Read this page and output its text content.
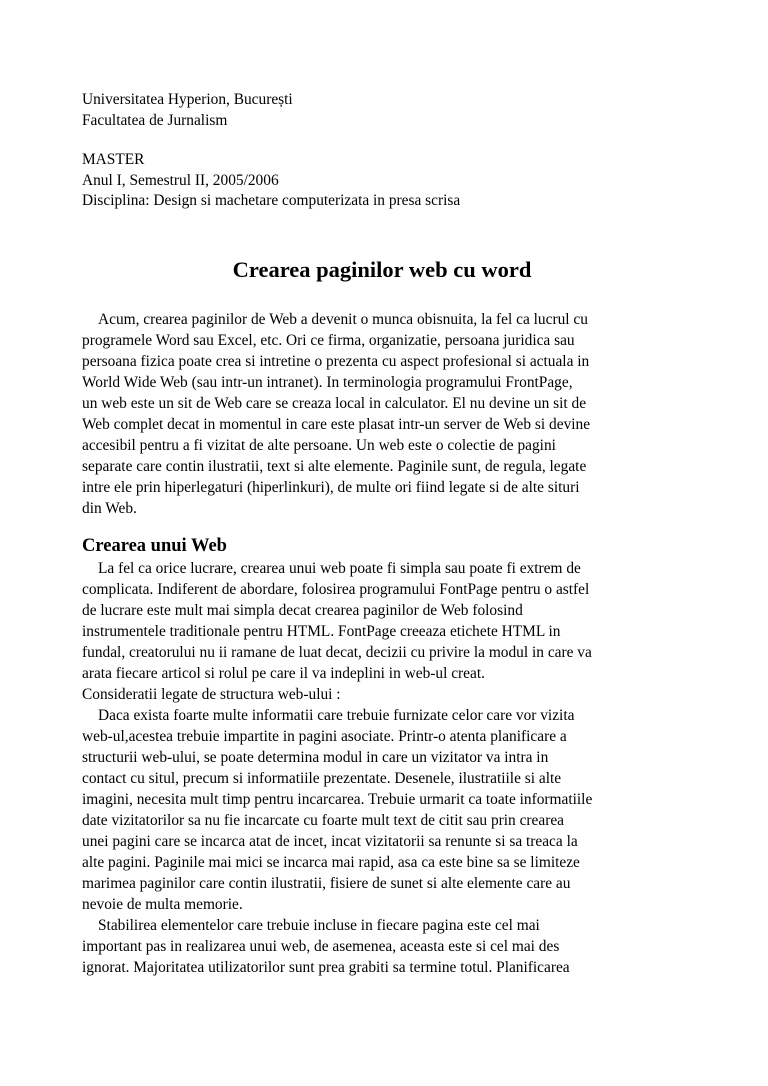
Universitatea Hyperion, București
Facultatea de Jurnalism
MASTER
Anul I, Semestrul II, 2005/2006
Disciplina: Design si machetare computerizata in presa scrisa
Crearea paginilor web cu word

Acum, crearea paginilor de Web a devenit o munca obisnuita, la fel ca lucrul cu
programele Word sau Excel, etc. Ori ce firma, organizatie, persoana juridica sau
persoana fizica poate crea si intretine o prezenta cu aspect profesional si actuala in
World Wide Web (sau intr-un intranet). In terminologia programului FrontPage,
un web este un sit de Web care se creaza local in calculator. El nu devine un sit de
Web complet decat in momentul in care este plasat intr-un server de Web si devine
accesibil pentru a fi vizitat de alte persoane. Un web este o colectie de pagini
separate care contin ilustratii, text si alte elemente. Paginile sunt, de regula, legate
intre ele prin hiperlegaturi (hiperlinkuri), de multe ori fiind legate si de alte situri
din Web.

Crearea unui Web

La fel ca orice lucrare, crearea unui web poate fi simpla sau poate fi extrem de
complicata. Indiferent de abordare, folosirea programului FontPage pentru o astfel
de lucrare este mult mai simpla decat crearea paginilor de Web folosind
instrumentele traditionale pentru HTML. FontPage creeaza etichete HTML in
fundal, creatorului nu ii ramane de luat decat, decizii cu privire la modul in care va
arata fiecare articol si rolul pe care il va indeplini in web-ul creat.
Consideratii legate de structura web-ului :

Daca exista foarte multe informatii care trebuie furnizate celor care vor vizita
web-ul,acestea trebuie impartite in pagini asociate. Printr-o atenta planificare a
structurii web-ului, se poate determina modul in care un vizitator va intra in
contact cu situl, precum si informatiile prezentate. Desenele, ilustratiile si alte
imagini, necesita mult timp pentru incarcarea. Trebuie urmarit ca toate informatiile
date vizitatorilor sa nu fie incarcate cu foarte mult text de citit sau prin crearea
unei pagini care se incarca atat de incet, incat vizitatorii sa renunte si sa treaca la
alte pagini. Paginile mai mici se incarca mai rapid, asa ca este bine sa se limiteze
marimea paginilor care contin ilustratii, fisiere de sunet si alte elemente care au
nevoie de multa memorie.

Stabilirea elementelor care trebuie incluse in fiecare pagina este cel mai
important pas in realizarea unui web, de asemenea, aceasta este si cel mai des
ignorat. Majoritatea utilizatorilor sunt prea grabiti sa termine totul. Planificarea
